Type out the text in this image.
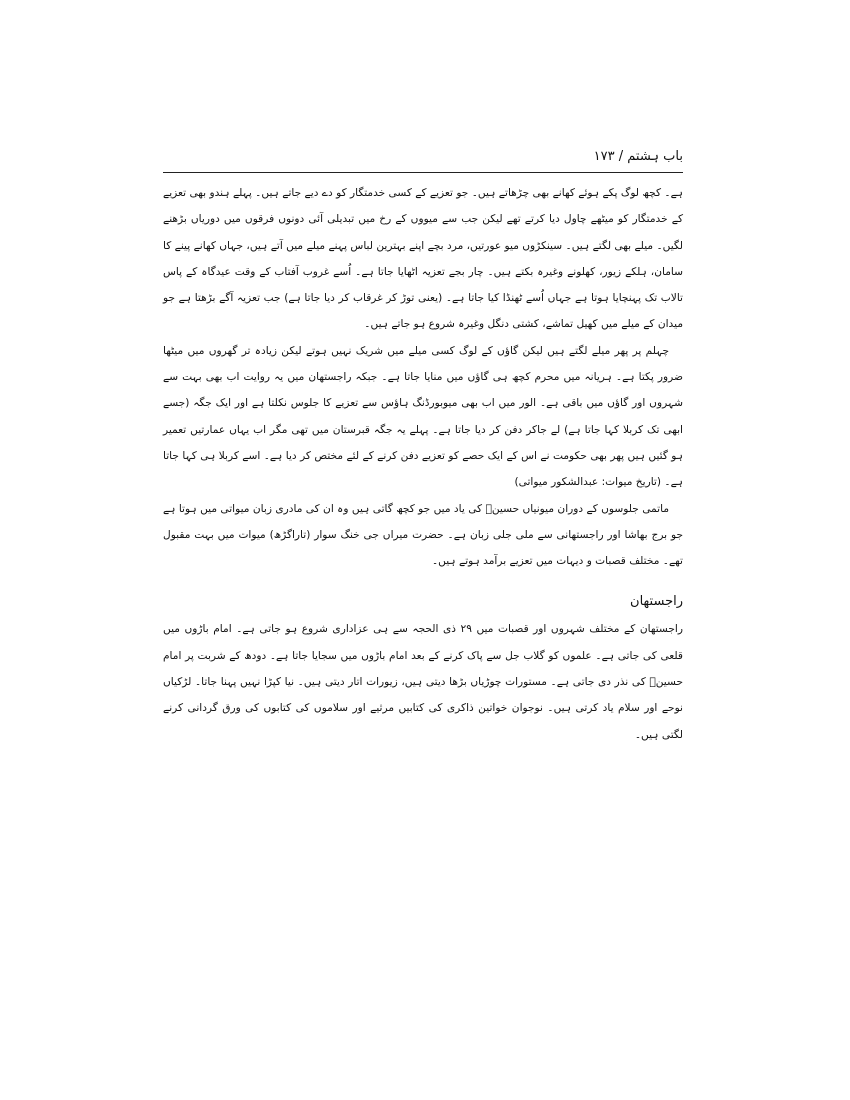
باب ہشتم / ۱۷۳

ہے۔ کچھ لوگ پکے ہوئے کھانے بھی چڑھاتے ہیں۔ جو تعزیے کے کسی خدمتگار کو دے دیے جاتے ہیں۔ پہلے ہندو بھی تعزیے کے خدمتگار کو میٹھے چاول دیا کرتے تھے لیکن جب سے میووں کے رخ میں تبدیلی آئی دونوں فرقوں میں دوریاں بڑھنے لگیں۔ میلے بھی لگتے ہیں۔ سینکڑوں میو عورتیں، مرد بچے اپنے بہترین لباس پہنے میلے میں آتے ہیں، جہاں کھانے پینے کا سامان، ہلکے زیور، کھلونے وغیرہ بکتے ہیں۔ چار بجے تعزیہ اٹھایا جاتا ہے۔ اُسے غروب آفتاب کے وقت عیدگاہ کے پاس تالاب تک پہنچایا ہوتا ہے جہاں اُسے ٹھنڈا کیا جاتا ہے۔ (یعنی توڑ کر غرقاب کر دیا جاتا ہے) جب تعزیہ آگے بڑھتا ہے جو میدان کے میلے میں کھیل تماشے، کشتی دنگل وغیرہ شروع ہو جاتے ہیں۔

چہلم پر پھر میلے لگتے ہیں لیکن گاؤں کے لوگ کسی میلے میں شریک نہیں ہوتے لیکن زیادہ تر گھروں میں میٹھا ضرور پکتا ہے۔ ہریانہ میں محرم کچھ ہی گاؤں میں منایا جاتا ہے۔ جبکہ راجستھان میں یہ روایت اب بھی بہت سے شہروں اور گاؤں میں باقی ہے۔ الور میں اب بھی میوبورڈنگ ہاؤس سے تعزیے کا جلوس نکلتا ہے اور ایک جگہ (جسے ابھی تک کربلا کہا جاتا ہے) لے جاکر دفن کر دیا جاتا ہے۔ پہلے یہ جگہ قبرستان میں تھی مگر اب یہاں عمارتیں تعمیر ہو گئیں ہیں پھر بھی حکومت نے اس کے ایک حصے کو تعزیے دفن کرنے کے لئے مختص کر دیا ہے۔ اسے کربلا ہی کہا جاتا ہے۔ (تاریخ میوات: عبدالشکور میواتی)

ماتمی جلوسوں کے دوران میونیاں حسینؑ کی یاد میں جو کچھ گاتی ہیں وہ ان کی مادری زبان میواتی میں ہوتا ہے جو برج بھاشا اور راجستھانی سے ملی جلی زبان ہے۔ حضرت میراں جی خنگ سوار (تاراگڑھ) میوات میں بہت مقبول تھے۔ مختلف قصبات و دیہات میں تعزیے برآمد ہوتے ہیں۔

راجستھان

راجستھان کے مختلف شہروں اور قصبات میں ۲۹ ذی الحجہ سے ہی عزاداری شروع ہو جاتی ہے۔ امام باڑوں میں قلعی کی جاتی ہے۔ علموں کو گلاب جل سے پاک کرنے کے بعد امام باڑوں میں سجایا جاتا ہے۔ دودھ کے شربت پر امام حسینؑ کی نذر دی جاتی ہے۔ مستورات چوڑیاں بڑھا دیتی ہیں، زیورات اتار دیتی ہیں۔ نیا کپڑا نہیں پہنا جاتا۔ لڑکیاں نوحے اور سلام یاد کرتی ہیں۔ نوجوان خواتین ذاکری کی کتابیں مرثیے اور سلاموں کی کتابوں کی ورق گردانی کرنے لگتی ہیں۔
